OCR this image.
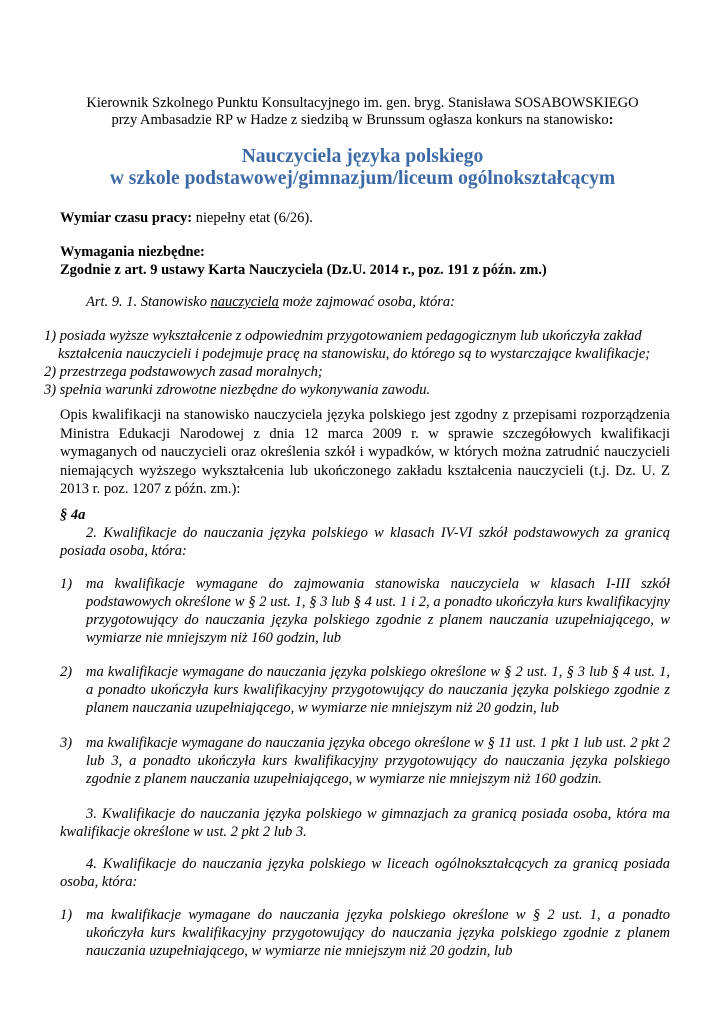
Kierownik Szkolnego Punktu Konsultacyjnego im. gen. bryg. Stanisława SOSABOWSKIEGO
przy Ambasadzie RP w Hadze z siedzibą w Brunssum ogłasza konkurs na stanowisko:
Nauczyciela języka polskiego
w szkole podstawowej/gimnazjum/liceum ogólnokształcącym
Wymiar czasu pracy: niepełny etat (6/26).
Wymagania niezbędne:
Zgodnie z art. 9 ustawy Karta Nauczyciela (Dz.U. 2014 r., poz. 191 z późn. zm.)
Art. 9. 1. Stanowisko nauczyciela może zajmować osoba, która:
1) posiada wyższe wykształcenie z odpowiednim przygotowaniem pedagogicznym lub ukończyła zakład
kształcenia nauczycieli i podejmuje pracę na stanowisku, do którego są to wystarczające kwalifikacje;
2) przestrzega podstawowych zasad moralnych;
3) spełnia warunki zdrowotne niezbędne do wykonywania zawodu.
Opis kwalifikacji na stanowisko nauczyciela języka polskiego jest zgodny z przepisami rozporządzenia Ministra Edukacji Narodowej z dnia 12 marca 2009 r. w sprawie szczegółowych kwalifikacji wymaganych od nauczycieli oraz określenia szkół i wypadków, w których można zatrudnić nauczycieli niemających wyższego wykształcenia lub ukończonego zakładu kształcenia nauczycieli (t.j. Dz. U. Z 2013 r. poz. 1207 z późn. zm.):
§ 4a
2. Kwalifikacje do nauczania języka polskiego w klasach IV-VI szkół podstawowych za granicą posiada osoba, która:
1) ma kwalifikacje wymagane do zajmowania stanowiska nauczyciela w klasach I-III szkół podstawowych określone w § 2 ust. 1, § 3 lub § 4 ust. 1 i 2, a ponadto ukończyła kurs kwalifikacyjny przygotowujący do nauczania języka polskiego zgodnie z planem nauczania uzupełniającego, w wymiarze nie mniejszym niż 160 godzin, lub
2) ma kwalifikacje wymagane do nauczania języka polskiego określone w § 2 ust. 1, § 3 lub § 4 ust. 1, a ponadto ukończyła kurs kwalifikacyjny przygotowujący do nauczania języka polskiego zgodnie z planem nauczania uzupełniającego, w wymiarze nie mniejszym niż 20 godzin, lub
3) ma kwalifikacje wymagane do nauczania języka obcego określone w § 11 ust. 1 pkt 1 lub ust. 2 pkt 2 lub 3, a ponadto ukończyła kurs kwalifikacyjny przygotowujący do nauczania języka polskiego zgodnie z planem nauczania uzupełniającego, w wymiarze nie mniejszym niż 160 godzin.
3. Kwalifikacje do nauczania języka polskiego w gimnazjach za granicą posiada osoba, która ma kwalifikacje określone w ust. 2 pkt 2 lub 3.
4. Kwalifikacje do nauczania języka polskiego w liceach ogólnokształcących za granicą posiada osoba, która:
1) ma kwalifikacje wymagane do nauczania języka polskiego określone w § 2 ust. 1, a ponadto ukończyła kurs kwalifikacyjny przygotowujący do nauczania języka polskiego zgodnie z planem nauczania uzupełniającego, w wymiarze nie mniejszym niż 20 godzin, lub
